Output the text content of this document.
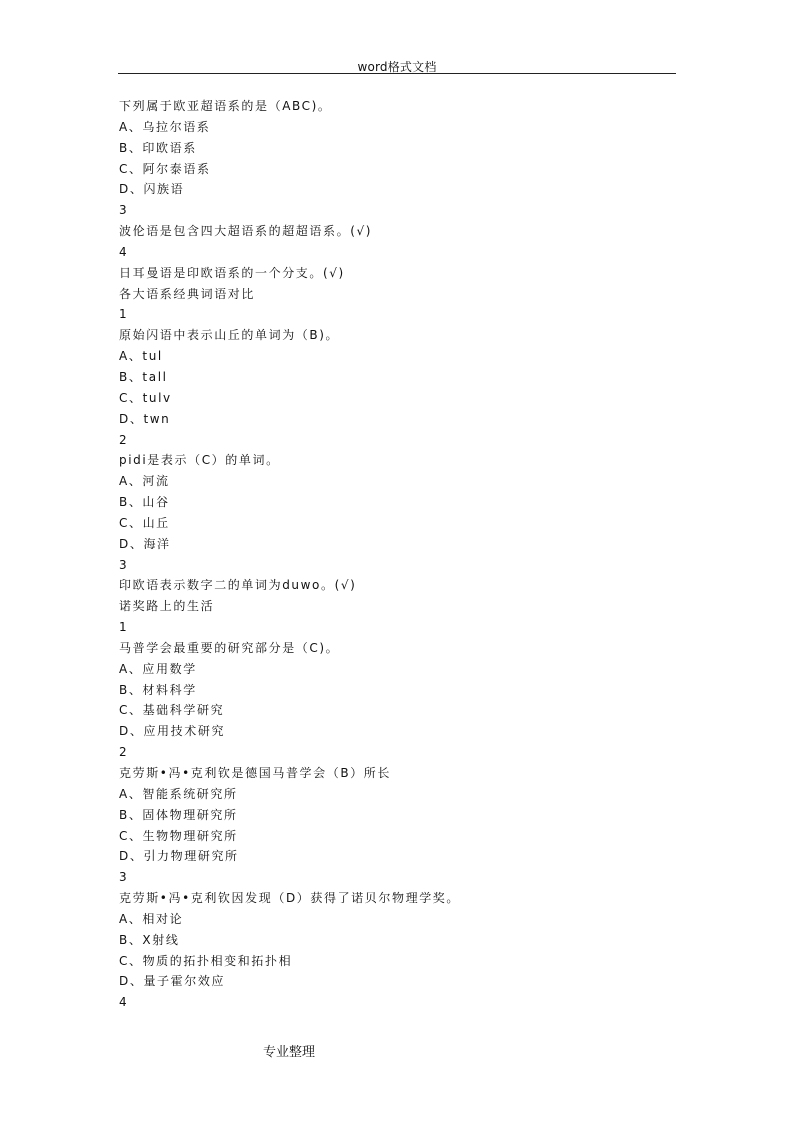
word格式文档
下列属于欧亚超语系的是（ABC)。
A、乌拉尔语系
B、印欧语系
C、阿尔泰语系
D、闪族语
3
波伦语是包含四大超语系的超超语系。(√)
4
日耳曼语是印欧语系的一个分支。(√)
各大语系经典词语对比
1
原始闪语中表示山丘的单词为（B)。
A、tul
B、tall
C、tulv
D、twn
2
pidi是表示（C）的单词。
A、河流
B、山谷
C、山丘
D、海洋
3
印欧语表示数字二的单词为duwo。(√)
诺奖路上的生活
1
马普学会最重要的研究部分是（C)。
A、应用数学
B、材料科学
C、基础科学研究
D、应用技术研究
2
克劳斯•冯•克利钦是德国马普学会（B）所长
A、智能系统研究所
B、固体物理研究所
C、生物物理研究所
D、引力物理研究所
3
克劳斯•冯•克利钦因发现（D）获得了诺贝尔物理学奖。
A、相对论
B、X射线
C、物质的拓扑相变和拓扑相
D、量子霍尔效应
4
专业整理
